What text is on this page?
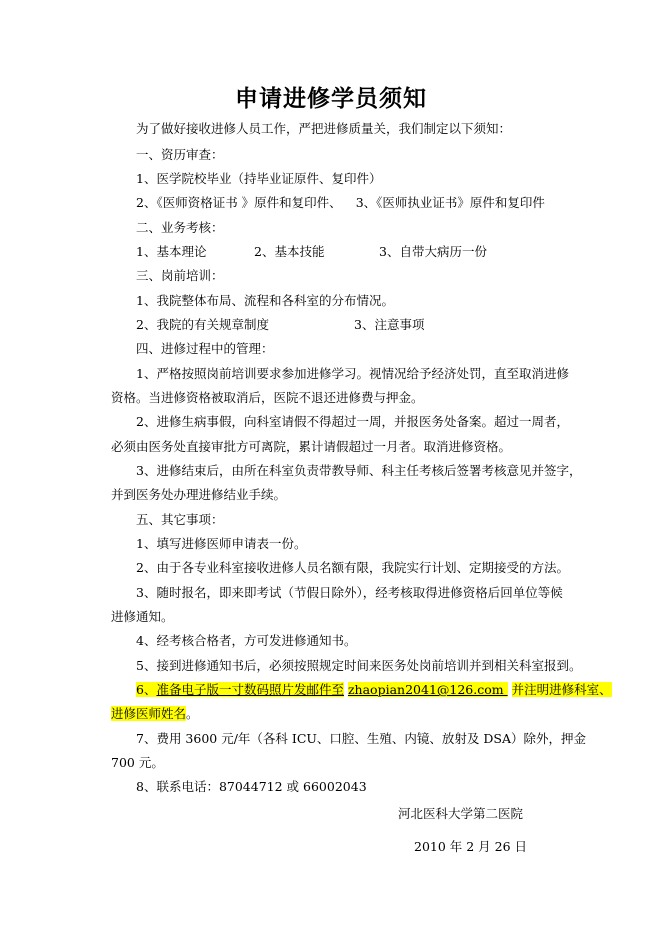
申请进修学员须知
为了做好接收进修人员工作，严把进修质量关，我们制定以下须知：
一、资历审查：
1、医学院校毕业（持毕业证原件、复印件）
2、《医师资格证书 》原件和复印件、 3、《医师执业证书》原件和复印件
二、业务考核：
1、基本理论	2、基本技能	3、自带大病历一份
三、岗前培训：
1、我院整体布局、流程和各科室的分布情况。
2、我院的有关规章制度	3、注意事项
四、进修过程中的管理：
1、严格按照岗前培训要求参加进修学习。视情况给予经济处罚，直至取消进修
资格。当进修资格被取消后，医院不退还进修费与押金。
2、进修生病事假，向科室请假不得超过一周，并报医务处备案。超过一周者，
必须由医务处直接审批方可离院，累计请假超过一月者。取消进修资格。
3、进修结束后，由所在科室负责带教导师、科主任考核后签署考核意见并签字，
并到医务处办理进修结业手续。
五、其它事项：
1、填写进修医师申请表一份。
2、由于各专业科室接收进修人员名额有限，我院实行计划、定期接受的方法。
3、随时报名，即来即考试（节假日除外），经考核取得进修资格后回单位等候
进修通知。
4、经考核合格者，方可发进修通知书。
5、接到进修通知书后，必须按照规定时间来医务处岗前培训并到相关科室报到。
6、准备电子版一寸数码照片发邮件至 zhaopian2041@126.com 并注明进修科室、
进修医师姓名。
7、费用 3600 元/年（各科 ICU、口腔、生殖、内镜、放射及 DSA）除外，押金
700 元。
8、联系电话：87044712 或 66002043
河北医科大学第二医院
2010 年 2 月 26 日
